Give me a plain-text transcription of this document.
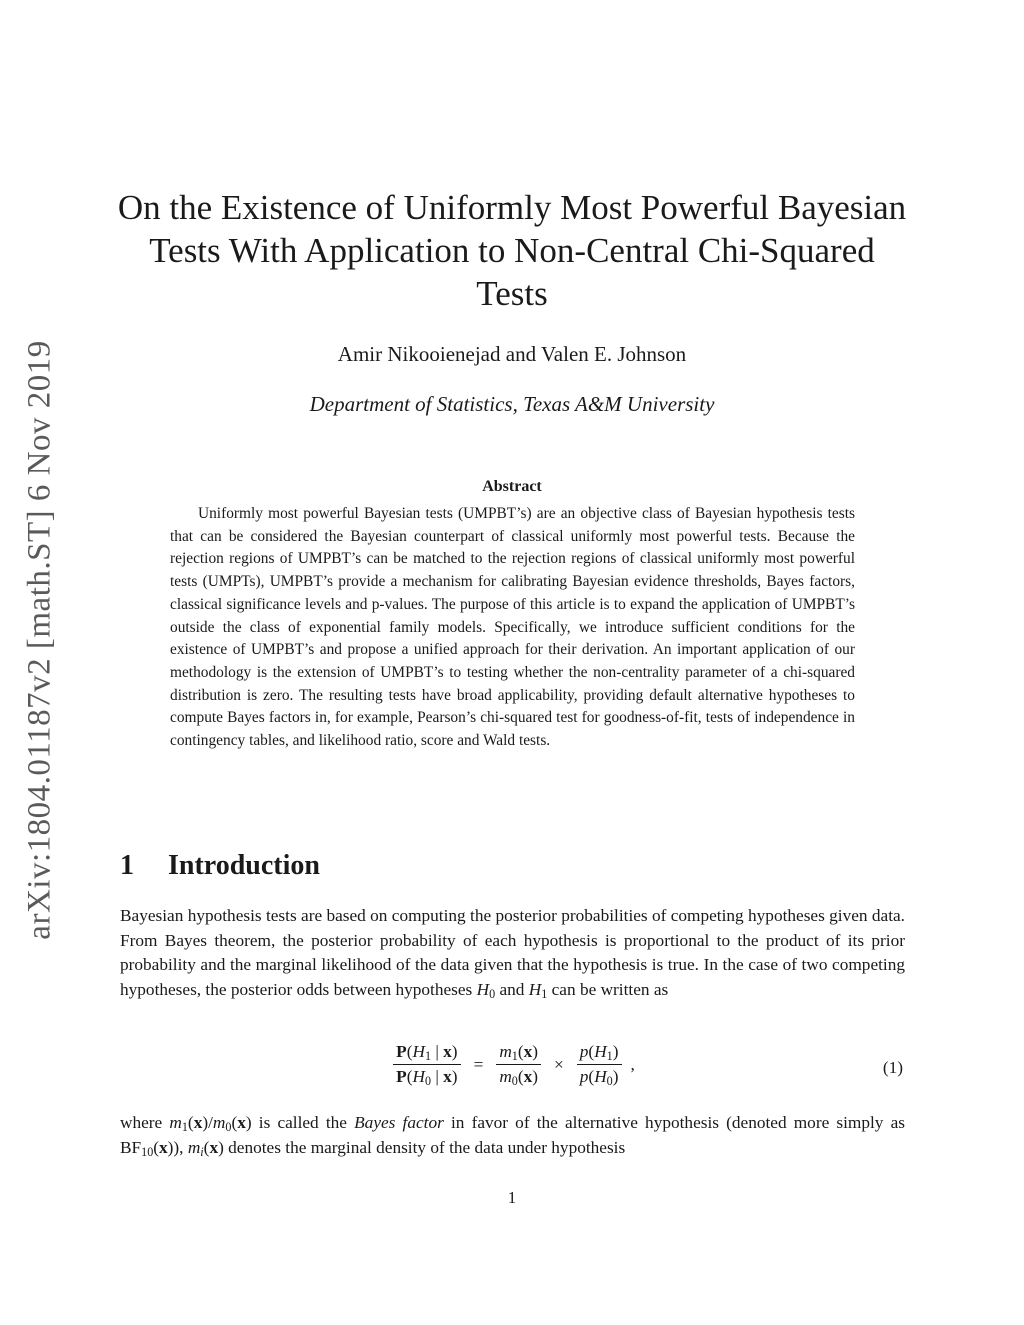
arXiv:1804.01187v2 [math.ST] 6 Nov 2019
On the Existence of Uniformly Most Powerful Bayesian
Tests With Application to Non-Central Chi-Squared
Tests
Amir Nikooienejad and Valen E. Johnson
Department of Statistics, Texas A&M University
Abstract
Uniformly most powerful Bayesian tests (UMPBT’s) are an objective class of Bayesian hypothesis tests that can be considered the Bayesian counterpart of classical uniformly most powerful tests. Because the rejection regions of UMPBT’s can be matched to the rejection regions of classical uniformly most powerful tests (UMPTs), UMPBT’s provide a mechanism for calibrating Bayesian evidence thresholds, Bayes factors, classical significance levels and p-values. The purpose of this article is to expand the application of UMPBT’s outside the class of exponential family models. Specifically, we introduce sufficient conditions for the existence of UMPBT’s and propose a unified approach for their derivation. An important application of our methodology is the extension of UMPBT’s to testing whether the non-centrality parameter of a chi-squared distribution is zero. The resulting tests have broad applicability, providing default alternative hypotheses to compute Bayes factors in, for example, Pearson’s chi-squared test for goodness-of-fit, tests of independence in contingency tables, and likelihood ratio, score and Wald tests.
1 Introduction
Bayesian hypothesis tests are based on computing the posterior probabilities of competing hypotheses given data. From Bayes theorem, the posterior probability of each hypothesis is proportional to the product of its prior probability and the marginal likelihood of the data given that the hypothesis is true. In the case of two competing hypotheses, the posterior odds between hypotheses $H_0$ and $H_1$ can be written as
$\frac{P(H_1 | x)}{P(H_0 | x)} = \frac{m_1(x)}{m_0(x)} \times \frac{p(H_1)}{p(H_0)}$ ,	(1)
where $m_1(x)/m_0(x)$ is called the Bayes factor in favor of the alternative hypothesis (denoted more simply as $BF_{10}(x)$), $m_i(x)$ denotes the marginal density of the data under hypothesis
1
